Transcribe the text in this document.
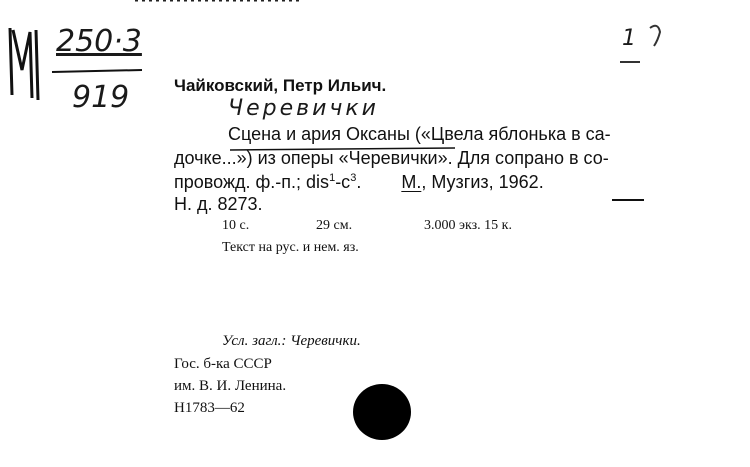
250·3
919
1
Чайковский, Петр Ильич.
Черевички
Сцена и ария Оксаны («Цвела яблонька в са-
дочке...») из оперы «Черевички». Для сопрано в со-
провожд. ф.-п.; $dis^1-c^3$. М., Музгиз, 1962.
Н. д. 8273.
10 с.	29 см.	3.000 экз. 15 к.
Текст на рус. и нем. яз.
Усл. загл.: Черевички.
Гос. б-ка СССР
им. В. И. Ленина.
Н1783—62
